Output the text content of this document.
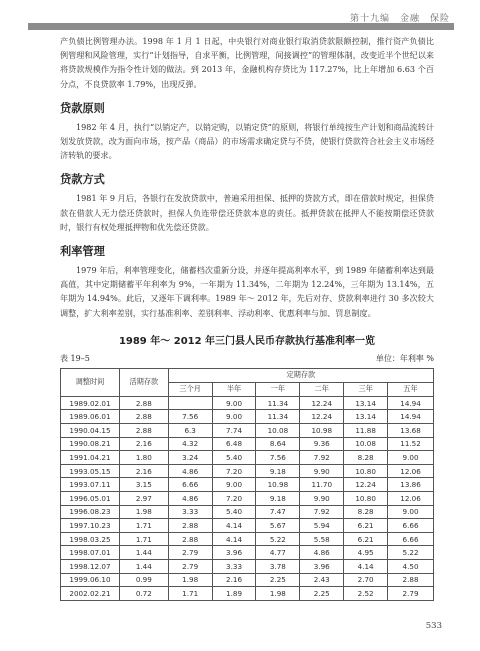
第十九编　金融　保险

产负债比例管理办法。1998 年 1 月 1 日起，中央银行对商业银行取消贷款限额控制，推行资产负债比例管理和风险管理，实行“计划指导，自求平衡，比例管理，间接调控”的管理体制，改变近半个世纪以来将贷款规模作为指令性计划的做法。到 2013 年，金融机构存贷比为 117.27%，比上年增加 6.63 个百分点，不良贷款率 1.79%，出现反弹。

贷款原则

1982 年 4 月，执行“以销定产，以销定购，以销定贷”的原则，将银行单纯按生产计划和商品流转计划发放贷款，改为面向市场，按产品（商品）的市场需求确定贷与不贷，使银行贷款符合社会主义市场经济转轨的要求。

贷款方式

1981 年 9 月后，各银行在发放贷款中，普遍采用担保、抵押的贷款方式，即在借款时规定，担保贷款在借款人无力偿还贷款时，担保人负连带偿还贷款本息的责任。抵押贷款在抵押人不能按期偿还贷款时，银行有权处理抵押物和优先偿还贷款。

利率管理

1979 年后，利率管理变化，储蓄档次重新分设，并逐年提高利率水平，到 1989 年储蓄利率达到最高值，其中定期储蓄平年利率为 9%，一年期为 11.34%，二年期为 12.24%，三年期为 13.14%，五年期为 14.94%。此后，又逐年下调利率。1989 年～ 2012 年，先后对存、贷款利率进行 30 多次较大调整，扩大利率差别，实行基准利率、差别利率、浮动利率、优惠利率与加、罚息制度。

1989 年～ 2012 年三门县人民币存款执行基准利率一览
表 19–5	单位：年利率 %
调整时间	活期存款	定期存款					
		三个月	半年	一年	二年	三年	五年
1989.02.01	2.88		9.00	11.34	12.24	13.14	14.94
1989.06.01	2.88	7.56	9.00	11.34	12.24	13.14	14.94
1990.04.15	2.88	6.3	7.74	10.08	10.98	11.88	13.68
1990.08.21	2.16	4.32	6.48	8.64	9.36	10.08	11.52
1991.04.21	1.80	3.24	5.40	7.56	7.92	8.28	9.00
1993.05.15	2.16	4.86	7.20	9.18	9.90	10.80	12.06
1993.07.11	3.15	6.66	9.00	10.98	11.70	12.24	13.86
1996.05.01	2.97	4.86	7.20	9.18	9.90	10.80	12.06
1996.08.23	1.98	3.33	5.40	7.47	7.92	8.28	9.00
1997.10.23	1.71	2.88	4.14	5.67	5.94	6.21	6.66
1998.03.25	1.71	2.88	4.14	5.22	5.58	6.21	6.66
1998.07.01	1.44	2.79	3.96	4.77	4.86	4.95	5.22
1998.12.07	1.44	2.79	3.33	3.78	3.96	4.14	4.50
1999.06.10	0.99	1.98	2.16	2.25	2.43	2.70	2.88
2002.02.21	0.72	1.71	1.89	1.98	2.25	2.52	2.79
533
